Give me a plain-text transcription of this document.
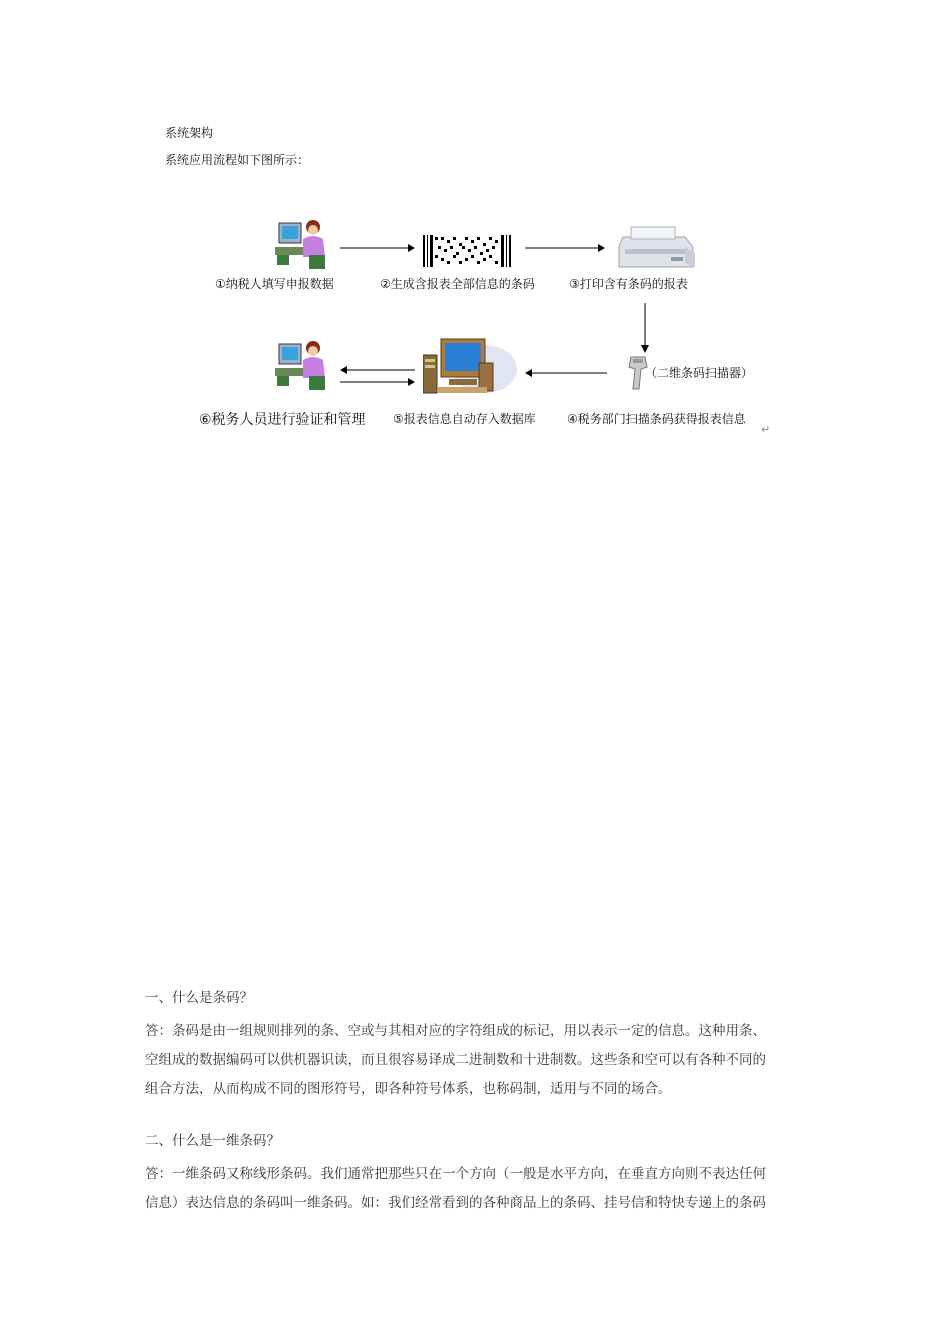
系统架构
系统应用流程如下图所示：
①纳税人填写申报数据	②生成含报表全部信息的条码	③打印含有条码的报表
（二维条码扫描器）
⑥税务人员进行验证和管理 ⑤报表信息自动存入数据库	④税务部门扫描条码获得报表信息
↵
一、什么是条码？

答：条码是由一组规则排列的条、空或与其相对应的字符组成的标记，用以表示一定的信息。这种用条、

空组成的数据编码可以供机器识读，而且很容易译成二进制数和十进制数。这些条和空可以有各种不同的

组合方法，从而构成不同的图形符号，即各种符号体系，也称码制，适用与不同的场合。

二、什么是一维条码？

答：一维条码又称线形条码。我们通常把那些只在一个方向（一般是水平方向，在垂直方向则不表达任何

信息）表达信息的条码叫一维条码。如：我们经常看到的各种商品上的条码、挂号信和特快专递上的条码
